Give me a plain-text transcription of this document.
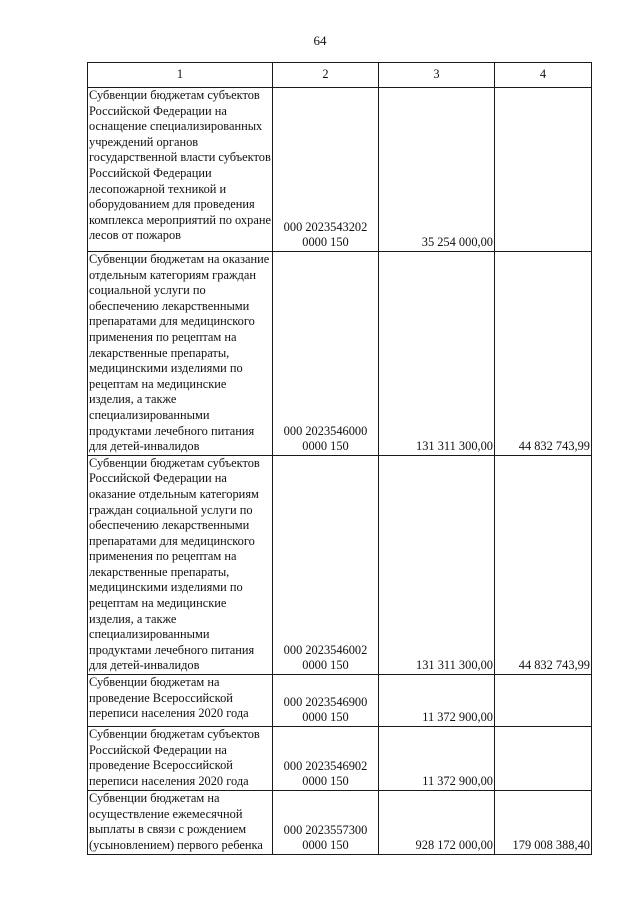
64
1	2	3	4
Субвенции бюджетам субъектов Российской Федерации на оснащение специализированных учреждений органов государственной власти субъектов Российской Федерации лесопожарной техникой и оборудованием для проведения комплекса мероприятий по охране лесов от пожаров	000 2023543202 0000 150	35 254 000,00	
Субвенции бюджетам на оказание отдельным категориям граждан социальной услуги по обеспечению лекарственными препаратами для медицинского применения по рецептам на лекарственные препараты, медицинскими изделиями по рецептам на медицинские изделия, а также специализированными продуктами лечебного питания для детей-инвалидов	000 2023546000 0000 150	131 311 300,00	44 832 743,99
Субвенции бюджетам субъектов Российской Федерации на оказание отдельным категориям граждан социальной услуги по обеспечению лекарственными препаратами для медицинского применения по рецептам на лекарственные препараты, медицинскими изделиями по рецептам на медицинские изделия, а также специализированными продуктами лечебного питания для детей-инвалидов	000 2023546002 0000 150	131 311 300,00	44 832 743,99
Субвенции бюджетам на проведение Всероссийской переписи населения 2020 года	000 2023546900 0000 150	11 372 900,00	
Субвенции бюджетам субъектов Российской Федерации на проведение Всероссийской переписи населения 2020 года	000 2023546902 0000 150	11 372 900,00	
Субвенции бюджетам на осуществление ежемесячной выплаты в связи с рождением (усыновлением) первого ребенка	000 2023557300 0000 150	928 172 000,00	179 008 388,40
